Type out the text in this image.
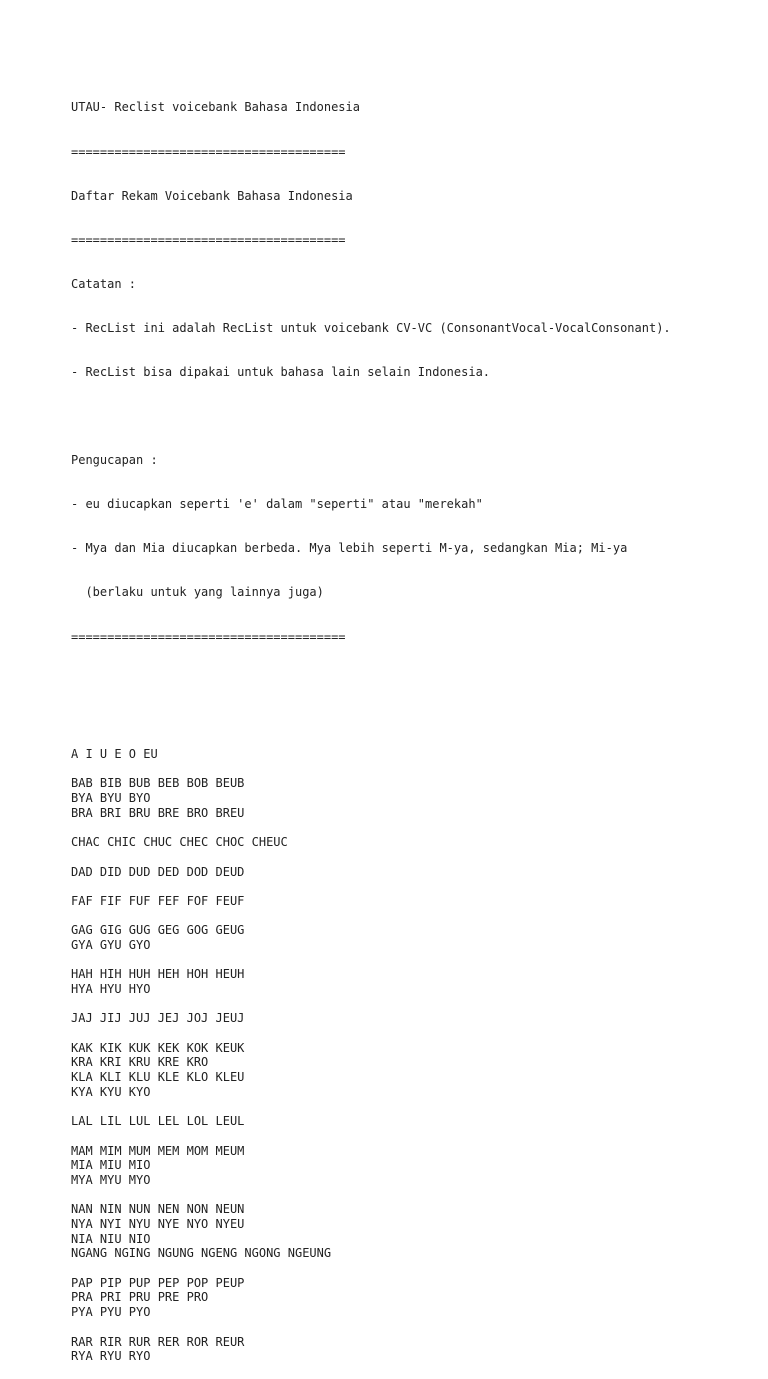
UTAU- Reclist voicebank Bahasa Indonesia

======================================

Daftar Rekam Voicebank Bahasa Indonesia

======================================

Catatan :

- RecList ini adalah RecList untuk voicebank CV-VC (ConsonantVocal-VocalConsonant).

- RecList bisa dipakai untuk bahasa lain selain Indonesia.

Pengucapan :

- eu diucapkan seperti 'e' dalam "seperti" atau "merekah"

- Mya dan Mia diucapkan berbeda. Mya lebih seperti M-ya, sedangkan Mia; Mi-ya

(berlaku untuk yang lainnya juga)

======================================

A I U E O EU
BAB BIB BUB BEB BOB BEUB
BYA BYU BYO
BRA BRI BRU BRE BRO BREU
CHAC CHIC CHUC CHEC CHOC CHEUC
DAD DID DUD DED DOD DEUD
FAF FIF FUF FEF FOF FEUF
GAG GIG GUG GEG GOG GEUG
GYA GYU GYO
HAH HIH HUH HEH HOH HEUH
HYA HYU HYO
JAJ JIJ JUJ JEJ JOJ JEUJ
KAK KIK KUK KEK KOK KEUK
KRA KRI KRU KRE KRO
KLA KLI KLU KLE KLO KLEU
KYA KYU KYO
LAL LIL LUL LEL LOL LEUL
MAM MIM MUM MEM MOM MEUM
MIA MIU MIO
MYA MYU MYO
NAN NIN NUN NEN NON NEUN
NYA NYI NYU NYE NYO NYEU
NIA NIU NIO
NGANG NGING NGUNG NGENG NGONG NGEUNG
PAP PIP PUP PEP POP PEUP
PRA PRI PRU PRE PRO
PYA PYU PYO
RAR RIR RUR RER ROR REUR
RYA RYU RYO
